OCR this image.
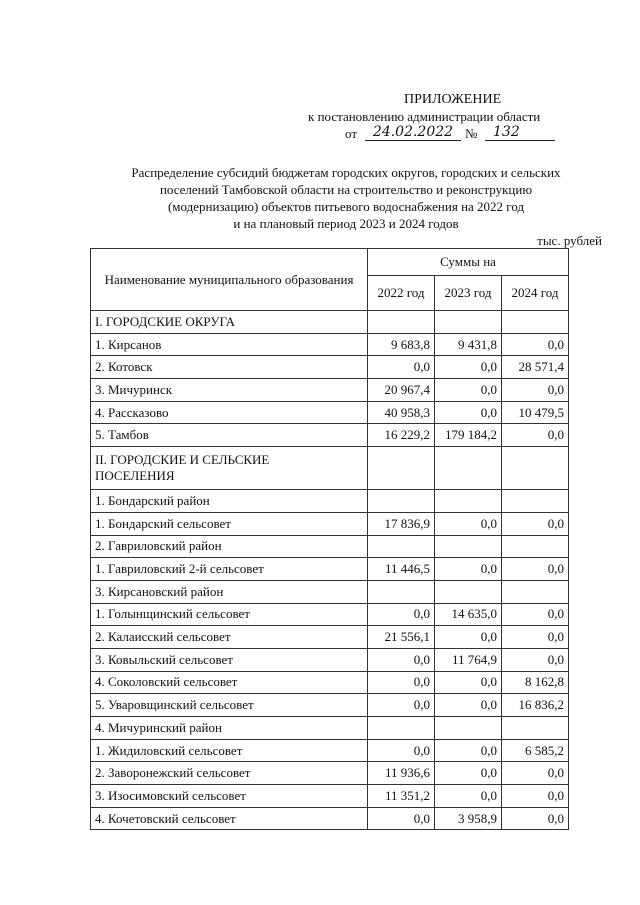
ПРИЛОЖЕНИЕ
к постановлению администрации области
от	24.02.2022 №	132
Распределение субсидий бюджетам городских округов, городских и сельских
поселений Тамбовской области на строительство и реконструкцию
(модернизацию) объектов питьевого водоснабжения на 2022 год
и на плановый период 2023 и 2024 годов
тыс. рублей
Наименование муниципального образования	Суммы на		
	2022 год	2023 год	2024 год
I. ГОРОДСКИЕ ОКРУГА			
1. Кирсанов	9 683,8	9 431,8	0,0
2. Котовск	0,0	0,0	28 571,4
3. Мичуринск	20 967,4	0,0	0,0
4. Рассказово	40 958,3	0,0	10 479,5
5. Тамбов	16 229,2	179 184,2	0,0

II. ГОРОДСКИЕ И СЕЛЬСКИЕ
ПОСЕЛЕНИЯ			

1. Бондарский район			
1. Бондарский сельсовет	17 836,9	0,0	0,0
2. Гавриловский район			
1. Гавриловский 2-й сельсовет	11 446,5	0,0	0,0
3. Кирсановский район			
1. Голынщинский сельсовет	0,0	14 635,0	0,0
2. Калаисский сельсовет	21 556,1	0,0	0,0
3. Ковыльский сельсовет	0,0	11 764,9	0,0
4. Соколовский сельсовет	0,0	0,0	8 162,8
5. Уваровщинский сельсовет	0,0	0,0	16 836,2
4. Мичуринский район			
1. Жидиловский сельсовет	0,0	0,0	6 585,2
2. Заворонежский сельсовет	11 936,6	0,0	0,0
3. Изосимовский сельсовет	11 351,2	0,0	0,0
4. Кочетовский сельсовет	0,0	3 958,9	0,0
